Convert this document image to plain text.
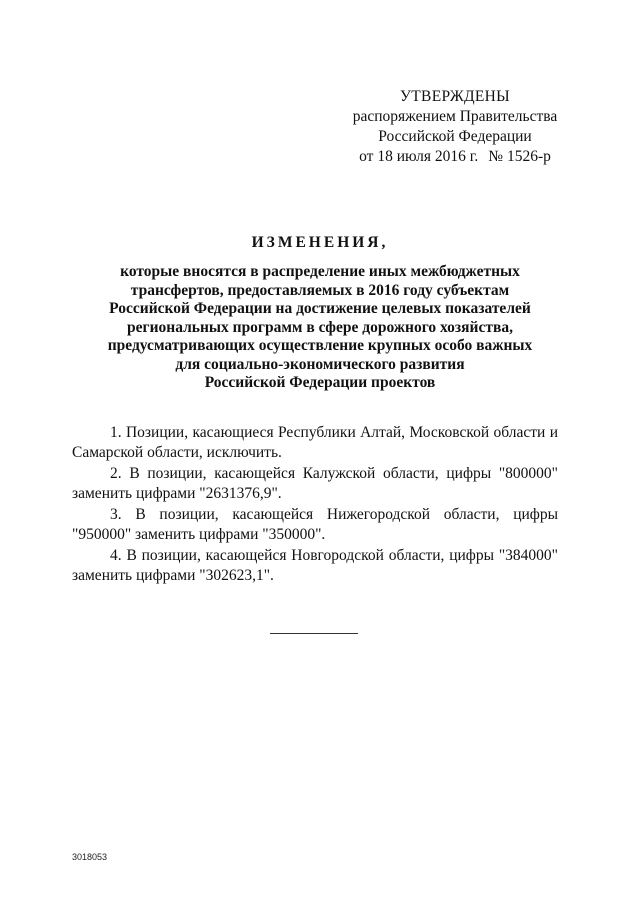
УТВЕРЖДЕНЫ
распоряжением Правительства
Российской Федерации
от 18 июля 2016 г. № 1526-р
ИЗМЕНЕНИЯ,
которые вносятся в распределение иных межбюджетных
трансфертов, предоставляемых в 2016 году субъектам
Российской Федерации на достижение целевых показателей
региональных программ в сфере дорожного хозяйства,
предусматривающих осуществление крупных особо важных
для социально-экономического развития
Российской Федерации проектов

1. Позиции, касающиеся Республики Алтай, Московской области и Самарской области, исключить.

2. В позиции, касающейся Калужской области, цифры "800000" заменить цифрами "2631376,9".

3. В позиции, касающейся Нижегородской области, цифры "950000" заменить цифрами "350000".

4. В позиции, касающейся Новгородской области, цифры "384000" заменить цифрами "302623,1".

3018053
